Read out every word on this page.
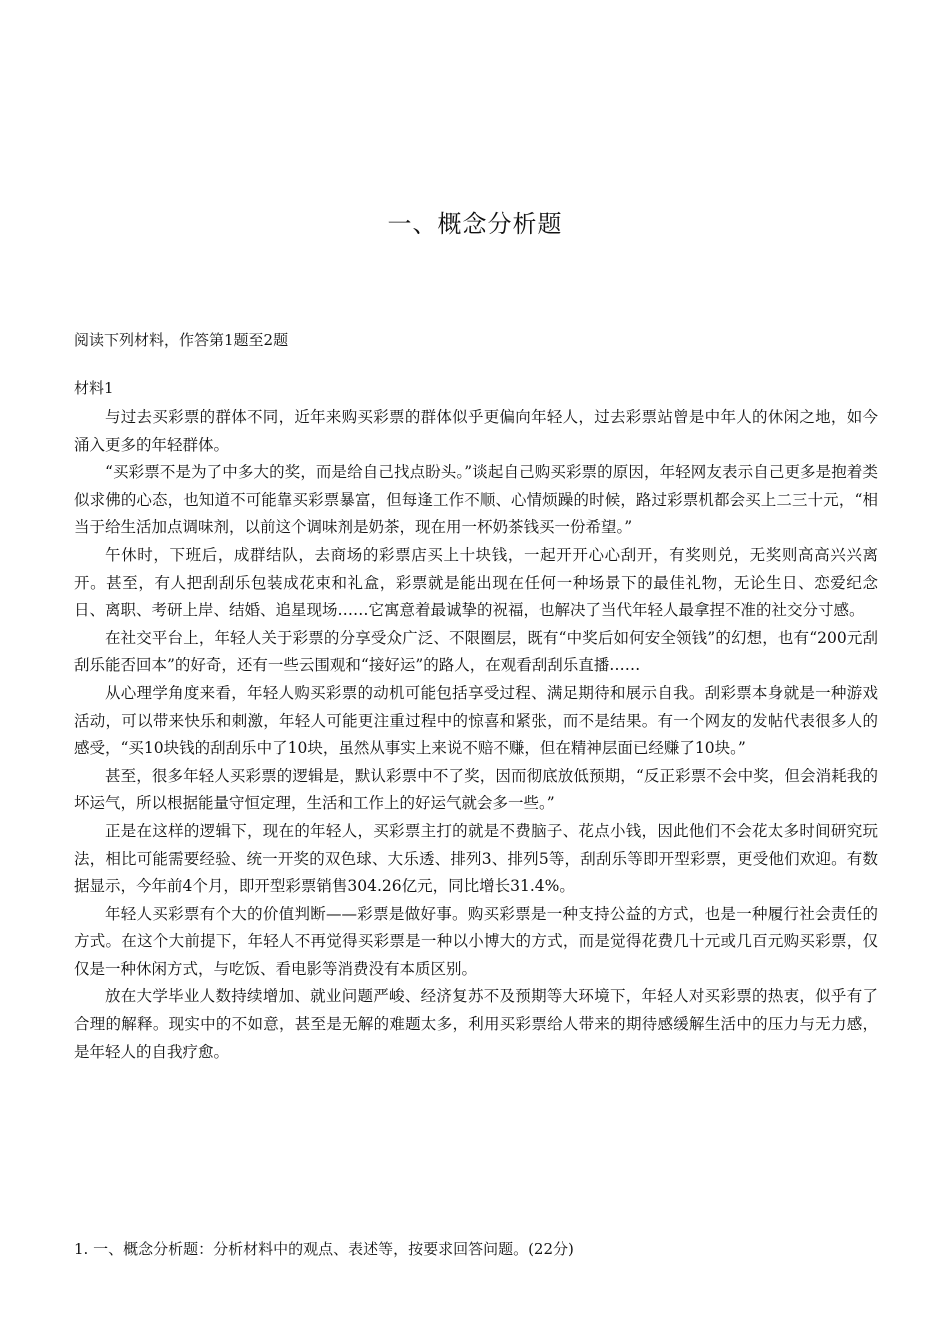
一、概念分析题
阅读下列材料，作答第1题至2题
材料1

与过去买彩票的群体不同，近年来购买彩票的群体似乎更偏向年轻人，过去彩票站曾是中年人的休闲之地，如今涌入更多的年轻群体。

“买彩票不是为了中多大的奖，而是给自己找点盼头。”谈起自己购买彩票的原因，年轻网友表示自己更多是抱着类似求佛的心态，也知道不可能靠买彩票暴富，但每逢工作不顺、心情烦躁的时候，路过彩票机都会买上二三十元，“相当于给生活加点调味剂，以前这个调味剂是奶茶，现在用一杯奶茶钱买一份希望。”

午休时，下班后，成群结队，去商场的彩票店买上十块钱，一起开开心心刮开，有奖则兑，无奖则高高兴兴离开。甚至，有人把刮刮乐包装成花束和礼盒，彩票就是能出现在任何一种场景下的最佳礼物，无论生日、恋爱纪念日、离职、考研上岸、结婚、追星现场……它寓意着最诚挚的祝福，也解决了当代年轻人最拿捏不准的社交分寸感。

在社交平台上，年轻人关于彩票的分享受众广泛、不限圈层，既有“中奖后如何安全领钱”的幻想，也有“200元刮刮乐能否回本”的好奇，还有一些云围观和“接好运”的路人，在观看刮刮乐直播……

从心理学角度来看，年轻人购买彩票的动机可能包括享受过程、满足期待和展示自我。刮彩票本身就是一种游戏活动，可以带来快乐和刺激，年轻人可能更注重过程中的惊喜和紧张，而不是结果。有一个网友的发帖代表很多人的感受，“买10块钱的刮刮乐中了10块，虽然从事实上来说不赔不赚，但在精神层面已经赚了10块。”

甚至，很多年轻人买彩票的逻辑是，默认彩票中不了奖，因而彻底放低预期，“反正彩票不会中奖，但会消耗我的坏运气，所以根据能量守恒定理，生活和工作上的好运气就会多一些。”

正是在这样的逻辑下，现在的年轻人，买彩票主打的就是不费脑子、花点小钱，因此他们不会花太多时间研究玩法，相比可能需要经验、统一开奖的双色球、大乐透、排列3、排列5等，刮刮乐等即开型彩票，更受他们欢迎。有数据显示，今年前4个月，即开型彩票销售304.26亿元，同比增长31.4%。

年轻人买彩票有个大的价值判断——彩票是做好事。购买彩票是一种支持公益的方式，也是一种履行社会责任的方式。在这个大前提下，年轻人不再觉得买彩票是一种以小博大的方式，而是觉得花费几十元或几百元购买彩票，仅仅是一种休闲方式，与吃饭、看电影等消费没有本质区别。

放在大学毕业人数持续增加、就业问题严峻、经济复苏不及预期等大环境下，年轻人对买彩票的热衷，似乎有了合理的解释。现实中的不如意，甚至是无解的难题太多，利用买彩票给人带来的期待感缓解生活中的压力与无力感，是年轻人的自我疗愈。

1. 一、概念分析题：分析材料中的观点、表述等，按要求回答问题。(22分)
